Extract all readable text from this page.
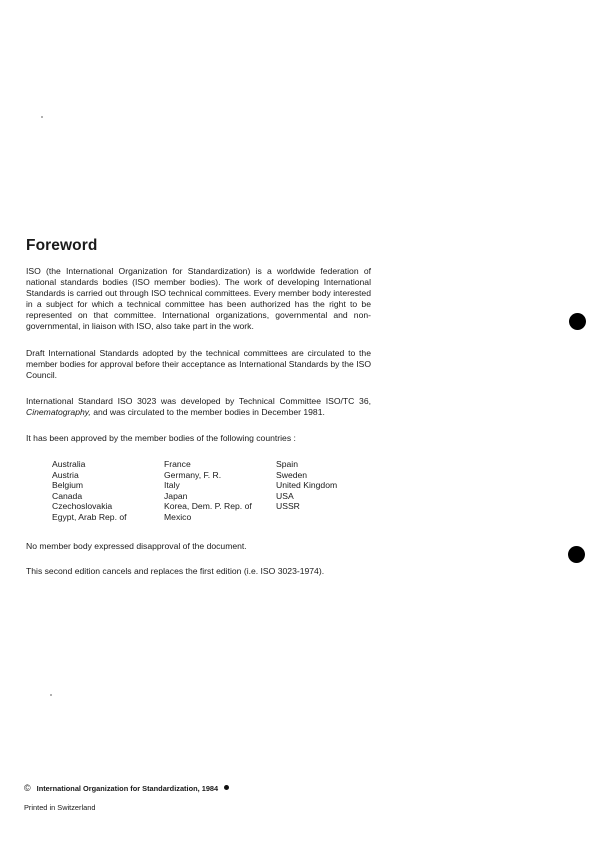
Foreword

ISO (the International Organization for Standardization) is a worldwide federation of national standards bodies (ISO member bodies). The work of developing International Standards is carried out through ISO technical committees. Every member body interested in a subject for which a technical committee has been authorized has the right to be represented on that committee. International organizations, governmental and non-governmental, in liaison with ISO, also take part in the work.

Draft International Standards adopted by the technical committees are circulated to the member bodies for approval before their acceptance as International Standards by the ISO Council.

International Standard ISO 3023 was developed by Technical Committee ISO/TC 36, Cinematography, and was circulated to the member bodies in December 1981.

It has been approved by the member bodies of the following countries :

Australia
Austria
Belgium
Canada
Czechoslovakia
Egypt, Arab Rep. of
France
Germany, F. R.
Italy
Japan
Korea, Dem. P. Rep. of
Mexico
Spain
Sweden
United Kingdom
USA
USSR

No member body expressed disapproval of the document.

This second edition cancels and replaces the first edition (i.e. ISO 3023-1974).

© International Organization for Standardization, 1984

Printed in Switzerland
